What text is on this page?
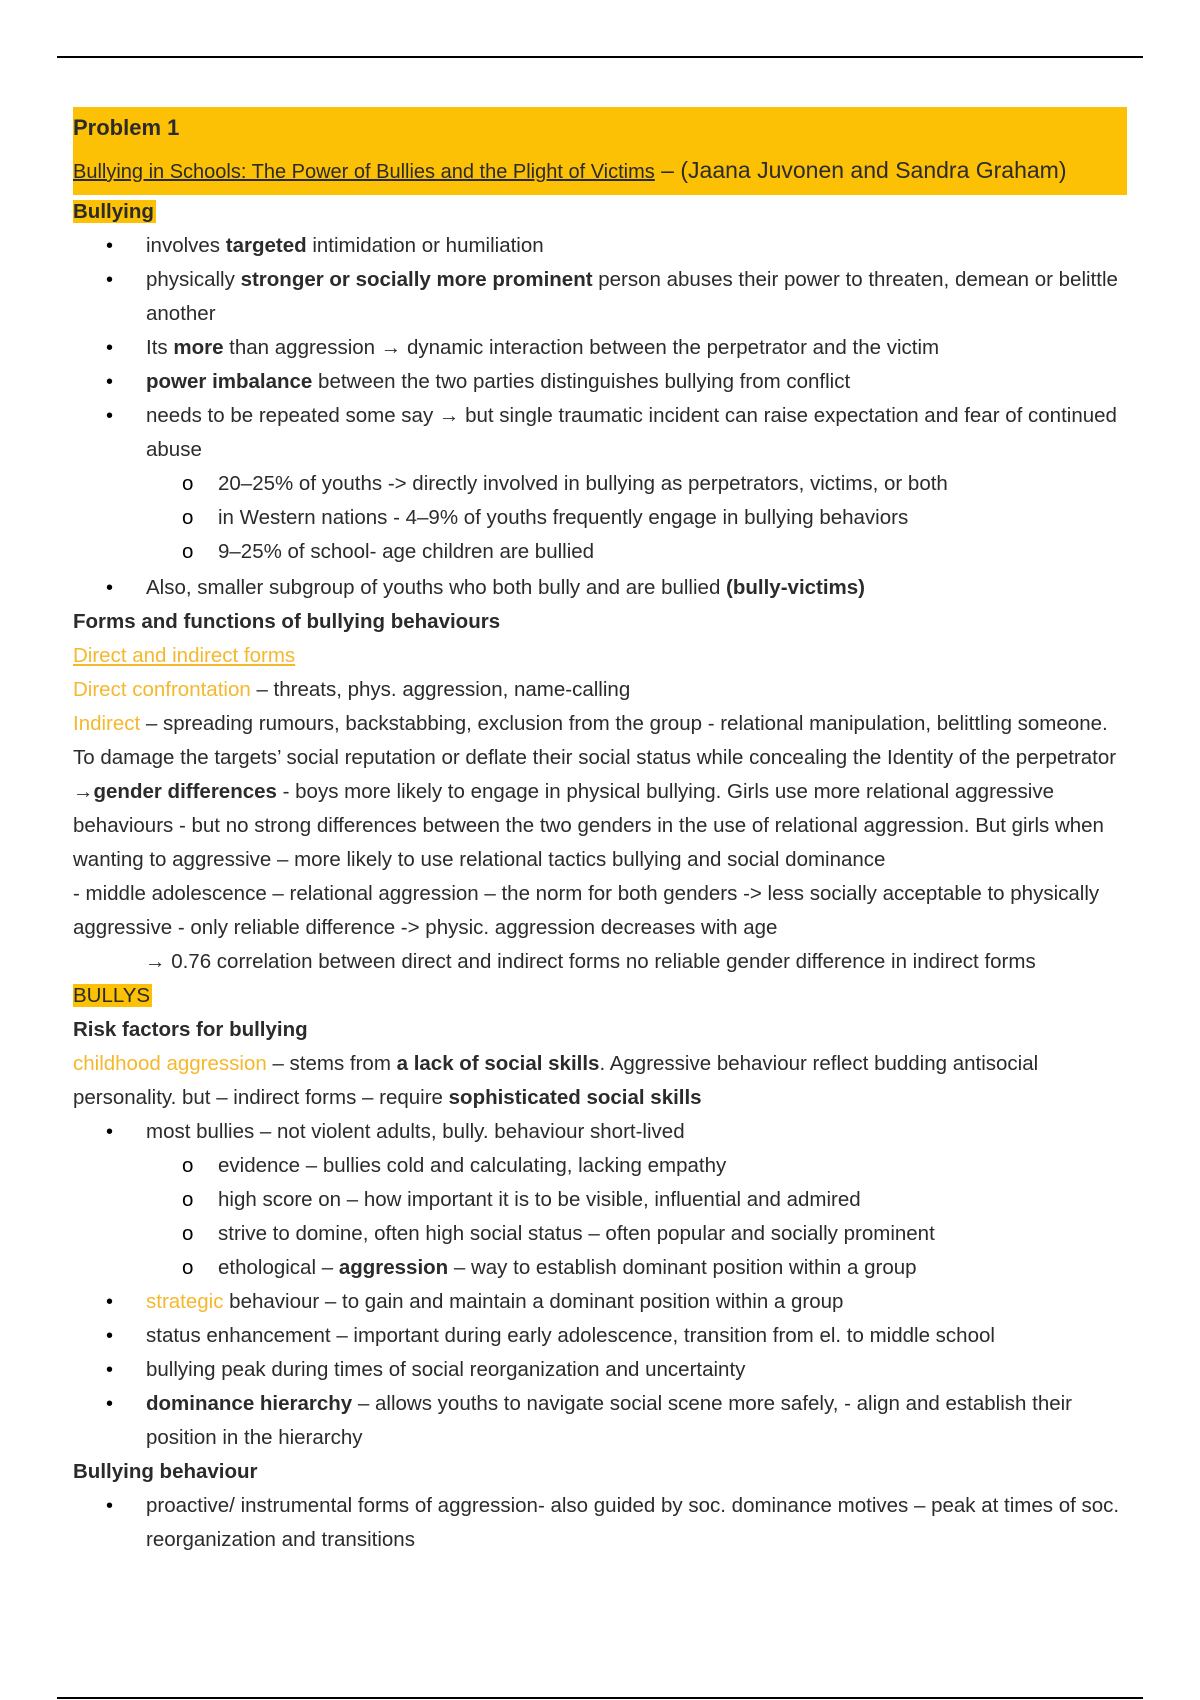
Problem 1
Bullying in Schools: The Power of Bullies and the Plight of Victims – (Jaana Juvonen and Sandra Graham)
Bullying
• involves targeted intimidation or humiliation
• physically stronger or socially more prominent person abuses their power to threaten, demean or belittle another
• Its more than aggression → dynamic interaction between the perpetrator and the victim
• power imbalance between the two parties distinguishes bullying from conflict
• needs to be repeated some say → but single traumatic incident can raise expectation and fear of continued abuse
o 20–25% of youths -> directly involved in bullying as perpetrators, victims, or both
o in Western nations - 4–9% of youths frequently engage in bullying behaviors
o 9–25% of school- age children are bullied
• Also, smaller subgroup of youths who both bully and are bullied (bully-victims)
Forms and functions of bullying behaviours
Direct and indirect forms
Direct confrontation – threats, phys. aggression, name-calling
Indirect – spreading rumours, backstabbing, exclusion from the group - relational manipulation, belittling someone. To damage the targets’ social reputation or deflate their social status while concealing the Identity of the perpetrator
→gender differences - boys more likely to engage in physical bullying. Girls use more relational aggressive behaviours - but no strong differences between the two genders in the use of relational aggression. But girls when wanting to aggressive – more likely to use relational tactics bullying and social dominance
- middle adolescence – relational aggression – the norm for both genders -> less socially acceptable to physically aggressive - only reliable difference -> physic. aggression decreases with age
→ 0.76 correlation between direct and indirect forms no reliable gender difference in indirect forms
BULLYS
Risk factors for bullying
childhood aggression – stems from a lack of social skills. Aggressive behaviour reflect budding antisocial personality. but – indirect forms – require sophisticated social skills
• most bullies – not violent adults, bully. behaviour short-lived
o evidence – bullies cold and calculating, lacking empathy
o high score on – how important it is to be visible, influential and admired
o strive to domine, often high social status – often popular and socially prominent
o ethological – aggression – way to establish dominant position within a group
• strategic behaviour – to gain and maintain a dominant position within a group
• status enhancement – important during early adolescence, transition from el. to middle school
• bullying peak during times of social reorganization and uncertainty
• dominance hierarchy – allows youths to navigate social scene more safely, - align and establish their position in the hierarchy
Bullying behaviour
• proactive/ instrumental forms of aggression- also guided by soc. dominance motives – peak at times of soc. reorganization and transitions
